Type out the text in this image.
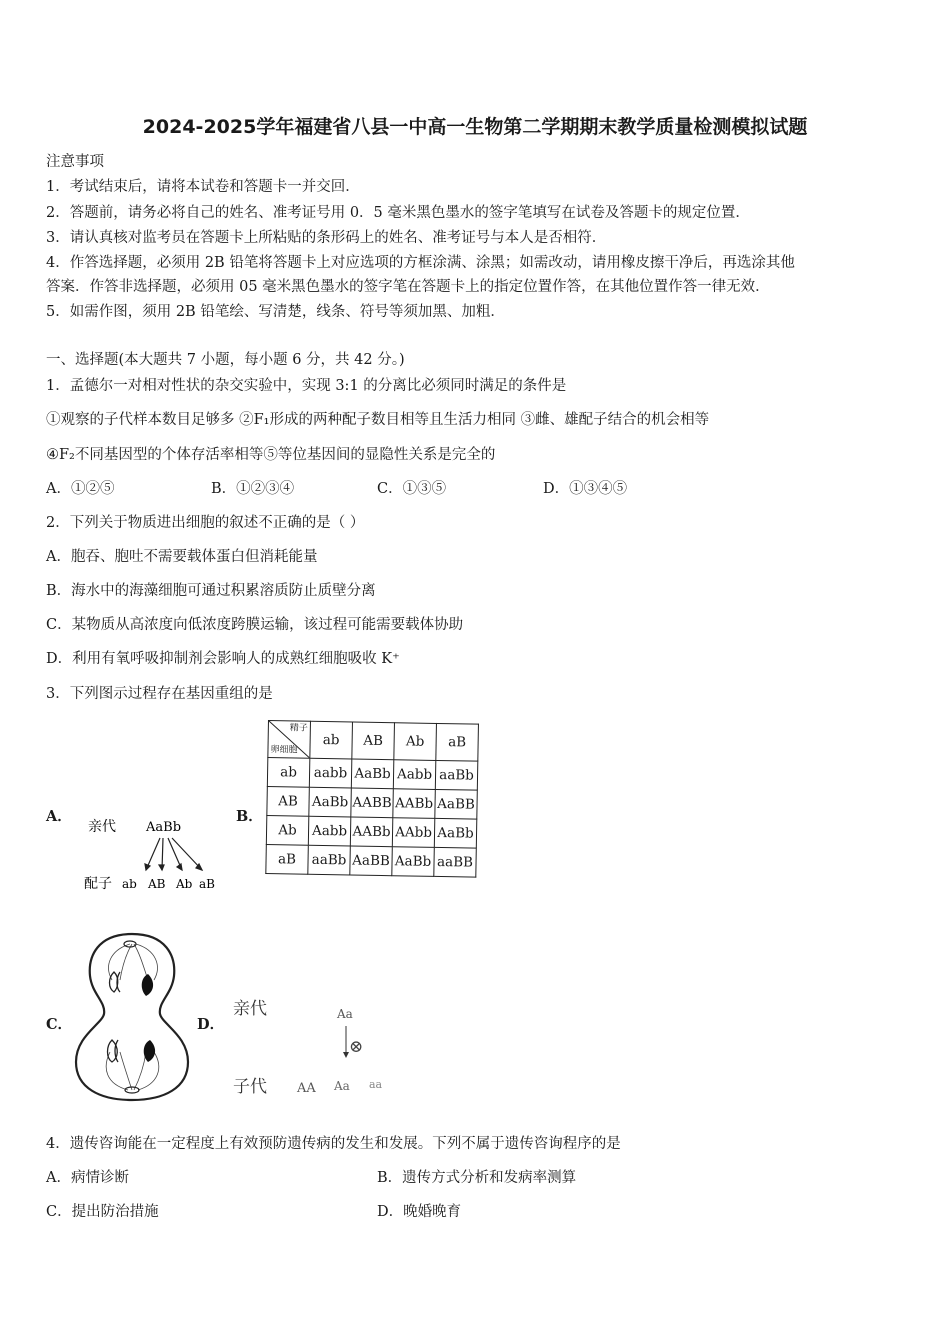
2024-2025学年福建省八县一中高一生物第二学期期末教学质量检测模拟试题
注意事项
1．考试结束后，请将本试卷和答题卡一并交回．
2．答题前，请务必将自己的姓名、准考证号用 0．5 毫米黑色墨水的签字笔填写在试卷及答题卡的规定位置．
3．请认真核对监考员在答题卡上所粘贴的条形码上的姓名、准考证号与本人是否相符．
4．作答选择题，必须用 2B 铅笔将答题卡上对应选项的方框涂满、涂黑；如需改动，请用橡皮擦干净后，再选涂其他
答案．作答非选择题，必须用 05 毫米黑色墨水的签字笔在答题卡上的指定位置作答，在其他位置作答一律无效．
5．如需作图，须用 2B 铅笔绘、写清楚，线条、符号等须加黑、加粗．
一、选择题(本大题共 7 小题，每小题 6 分，共 42 分。)
1．孟德尔一对相对性状的杂交实验中，实现 3:1 的分离比必须同时满足的条件是
①观察的子代样本数目足够多 ②F₁形成的两种配子数目相等且生活力相同 ③雌、雄配子结合的机会相等
④F₂不同基因型的个体存活率相等⑤等位基因间的显隐性关系是完全的
A．①②⑤	B．①②③④	C．①③⑤	D．①③④⑤
2．下列关于物质进出细胞的叙述不正确的是（ ）
A．胞吞、胞吐不需要载体蛋白但消耗能量
B．海水中的海藻细胞可通过积累溶质防止质壁分离
C．某物质从高浓度向低浓度跨膜运输，该过程可能需要载体协助
D．利用有氧呼吸抑制剂会影响人的成熟红细胞吸收 K⁺
3．下列图示过程存在基因重组的是
A．
亲代 AaBb
配子 ab AB Ab aB
B．
精子
卵细胞	ab	AB	Ab	aB
ab	aabb	AaBb	Aabb	aaBb
AB	AaBb	AABB	AABb	AaBB
Ab	Aabb	AABb	AAbb	AaBb
aB	aaBb	AaBB	AaBb	aaBB
C．	D．
亲代	Aa
⊗
子代 AA Aa aa
4．遗传咨询能在一定程度上有效预防遗传病的发生和发展。下列不属于遗传咨询程序的是
A．病情诊断	B．遗传方式分析和发病率测算
C．提出防治措施	D．晚婚晚育
